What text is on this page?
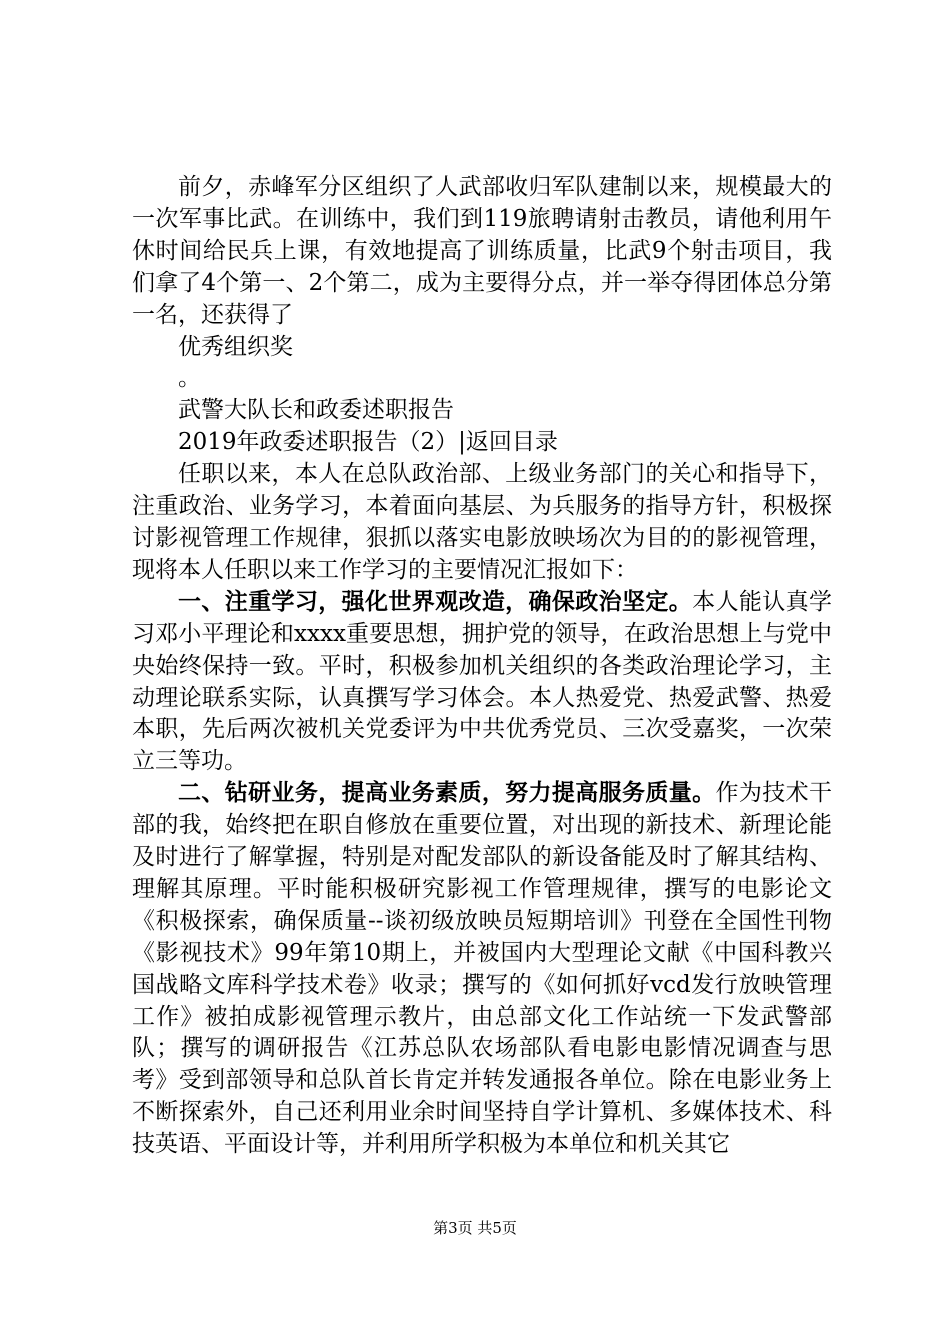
前夕，赤峰军分区组织了人武部收归军队建制以来，规模最大的一次军事比武。在训练中，我们到119旅聘请射击教员，请他利用午休时间给民兵上课，有效地提高了训练质量，比武9个射击项目，我们拿了4个第一、2个第二，成为主要得分点，并一举夺得团体总分第一名，还获得了

优秀组织奖

。

武警大队长和政委述职报告

2019年政委述职报告（2）|返回目录

任职以来，本人在总队政治部、上级业务部门的关心和指导下，注重政治、业务学习，本着面向基层、为兵服务的指导方针，积极探讨影视管理工作规律，狠抓以落实电影放映场次为目的的影视管理，现将本人任职以来工作学习的主要情况汇报如下：

一、注重学习，强化世界观改造，确保政治坚定。本人能认真学习邓小平理论和xxxx重要思想，拥护党的领导，在政治思想上与党中央始终保持一致。平时，积极参加机关组织的各类政治理论学习，主动理论联系实际，认真撰写学习体会。本人热爱党、热爱武警、热爱本职，先后两次被机关党委评为中共优秀党员、三次受嘉奖，一次荣立三等功。

二、钻研业务，提高业务素质，努力提高服务质量。作为技术干部的我，始终把在职自修放在重要位置，对出现的新技术、新理论能及时进行了解掌握，特别是对配发部队的新设备能及时了解其结构、理解其原理。平时能积极研究影视工作管理规律，撰写的电影论文《积极探索，确保质量--谈初级放映员短期培训》刊登在全国性刊物《影视技术》99年第10期上，并被国内大型理论文献《中国科教兴国战略文库科学技术卷》收录；撰写的《如何抓好vcd发行放映管理工作》被拍成影视管理示教片，由总部文化工作站统一下发武警部队；撰写的调研报告《江苏总队农场部队看电影电影情况调查与思考》受到部领导和总队首长肯定并转发通报各单位。除在电影业务上不断探索外，自己还利用业余时间坚持自学计算机、多媒体技术、科技英语、平面设计等，并利用所学积极为本单位和机关其它

第3页 共5页
